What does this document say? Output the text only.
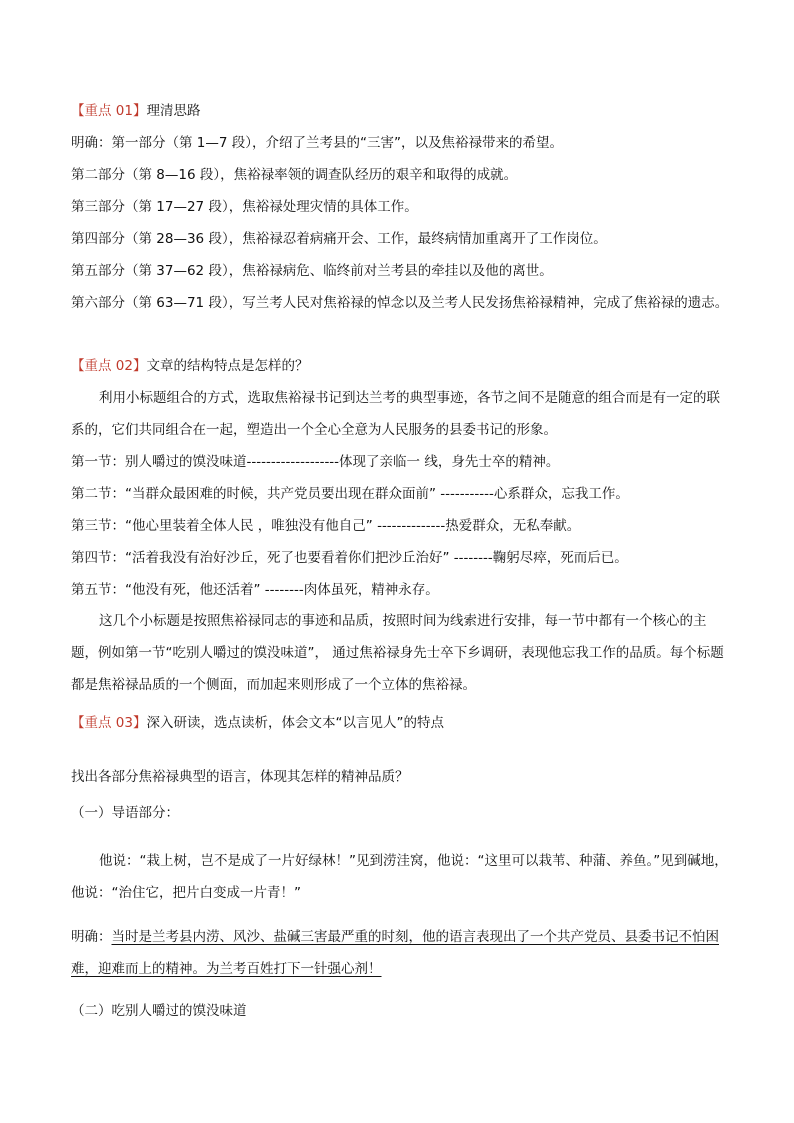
【重点 01】理清思路
明确：第一部分（第 1—7 段），介绍了兰考县的“三害”，以及焦裕禄带来的希望。
第二部分（第 8—16 段），焦裕禄率领的调查队经历的艰辛和取得的成就。
第三部分（第 17—27 段），焦裕禄处理灾情的具体工作。
第四部分（第 28—36 段），焦裕禄忍着病痛开会、工作，最终病情加重离开了工作岗位。
第五部分（第 37—62 段），焦裕禄病危、临终前对兰考县的牵挂以及他的离世。
第六部分（第 63—71 段），写兰考人民对焦裕禄的悼念以及兰考人民发扬焦裕禄精神，完成了焦裕禄的遗志。
【重点 02】文章的结构特点是怎样的？
利用小标题组合的方式，选取焦裕禄书记到达兰考的典型事迹，各节之间不是随意的组合而是有一定的联系的，它们共同组合在一起，塑造出一个全心全意为人民服务的县委书记的形象。
第一节：别人嚼过的馍没味道-------------------体现了亲临一 线，身先士卒的精神。
第二节：“当群众最困难的时候，共产党员要出现在群众面前” -----------心系群众，忘我工作。
第三节：“他心里装着全体人民 ，唯独没有他自己” --------------热爱群众，无私奉献。
第四节：“活着我没有治好沙丘，死了也要看着你们把沙丘治好” --------鞠躬尽瘁，死而后已。
第五节：“他没有死，他还活着” --------肉体虽死，精神永存。
这几个小标题是按照焦裕禄同志的事迹和品质，按照时间为线索进行安排，每一节中都有一个核心的主题，例如第一节“吃别人嚼过的馍没味道”， 通过焦裕禄身先士卒下乡调研，表现他忘我工作的品质。每个标题都是焦裕禄品质的一个侧面，而加起来则形成了一个立体的焦裕禄。
【重点 03】深入研读，选点读析，体会文本“以言见人”的特点
找出各部分焦裕禄典型的语言，体现其怎样的精神品质？
（一）导语部分：
他说：“栽上树，岂不是成了一片好绿林！”见到涝洼窝，他说：“这里可以栽苇、种蒲、养鱼。”见到碱地，他说：“治住它，把片白变成一片青！”
明确：当时是兰考县内涝、风沙、盐碱三害最严重的时刻，他的语言表现出了一个共产党员、县委书记不怕困难，迎难而上的精神。为兰考百姓打下一针强心剂！
（二）吃别人嚼过的馍没味道
